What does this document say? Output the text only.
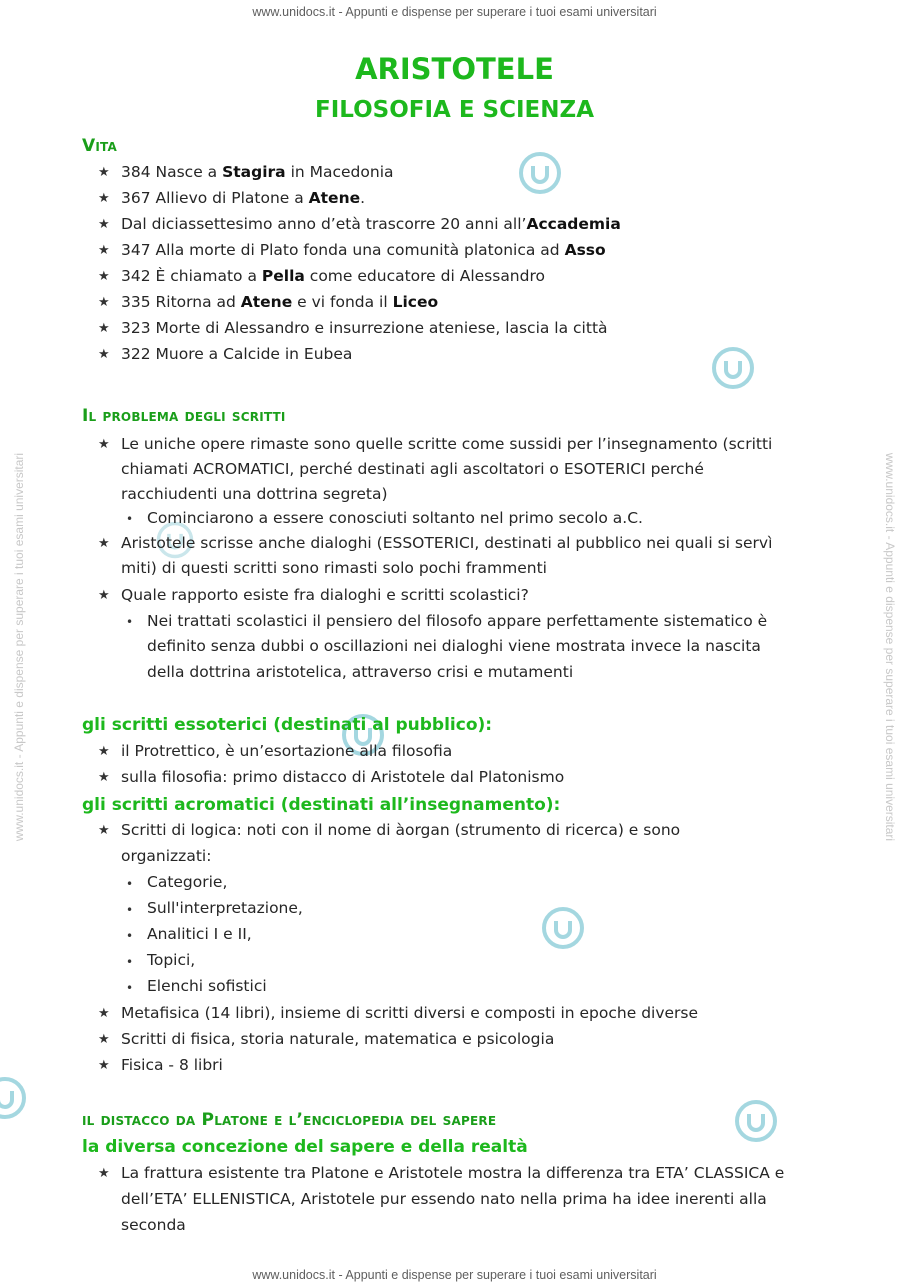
www.unidocs.it - Appunti e dispense per superare i tuoi esami universitari
www.unidocs.it - Appunti e dispense per superare i tuoi esami universitari
www.unidocs.it - Appunti e dispense per superare i tuoi esami universitari	www.unidocs.it - Appunti e dispense per superare i tuoi esami universitari
ARISTOTELE
FILOSOFIA E SCIENZA
Vita
★ 384 Nasce a Stagira in Macedonia
★ 367 Allievo di Platone a Atene.
★ Dal diciassettesimo anno d’età trascorre 20 anni all’Accademia
★ 347 Alla morte di Plato fonda una comunità platonica ad Asso
★ 342 È chiamato a Pella come educatore di Alessandro
★ 335 Ritorna ad Atene e vi fonda il Liceo
★ 323 Morte di Alessandro e insurrezione ateniese, lascia la città
★ 322 Muore a Calcide in Eubea
Il problema degli scritti
★ Le uniche opere rimaste sono quelle scritte come sussidi per l’insegnamento (scritti
chiamati ACROMATICI, perché destinati agli ascoltatori o ESOTERICI perché
racchiudenti una dottrina segreta)
• Cominciarono a essere conosciuti soltanto nel primo secolo a.C.
★ Aristotele scrisse anche dialoghi (ESSOTERICI, destinati al pubblico nei quali si servì
miti) di questi scritti sono rimasti solo pochi frammenti
★ Quale rapporto esiste fra dialoghi e scritti scolastici?
• Nei trattati scolastici il pensiero del filosofo appare perfettamente sistematico è
definito senza dubbi o oscillazioni nei dialoghi viene mostrata invece la nascita
della dottrina aristotelica, attraverso crisi e mutamenti
gli scritti essoterici (destinati al pubblico):
★ il Protrettico, è un’esortazione alla filosofia
★ sulla filosofia: primo distacco di Aristotele dal Platonismo
gli scritti acromatici (destinati all’insegnamento):
★ Scritti di logica: noti con il nome di àorgan (strumento di ricerca) e sono
organizzati:
• Categorie,
• Sull'interpretazione,
• Analitici I e II,
• Topici,
• Elenchi sofistici
★ Metafisica (14 libri), insieme di scritti diversi e composti in epoche diverse
★ Scritti di fisica, storia naturale, matematica e psicologia
★ Fisica - 8 libri
il distacco da Platone e l’enciclopedia del sapere
la diversa concezione del sapere e della realtà
★ La frattura esistente tra Platone e Aristotele mostra la differenza tra ETA’ CLASSICA e
dell’ETA’ ELLENISTICA, Aristotele pur essendo nato nella prima ha idee inerenti alla
seconda
